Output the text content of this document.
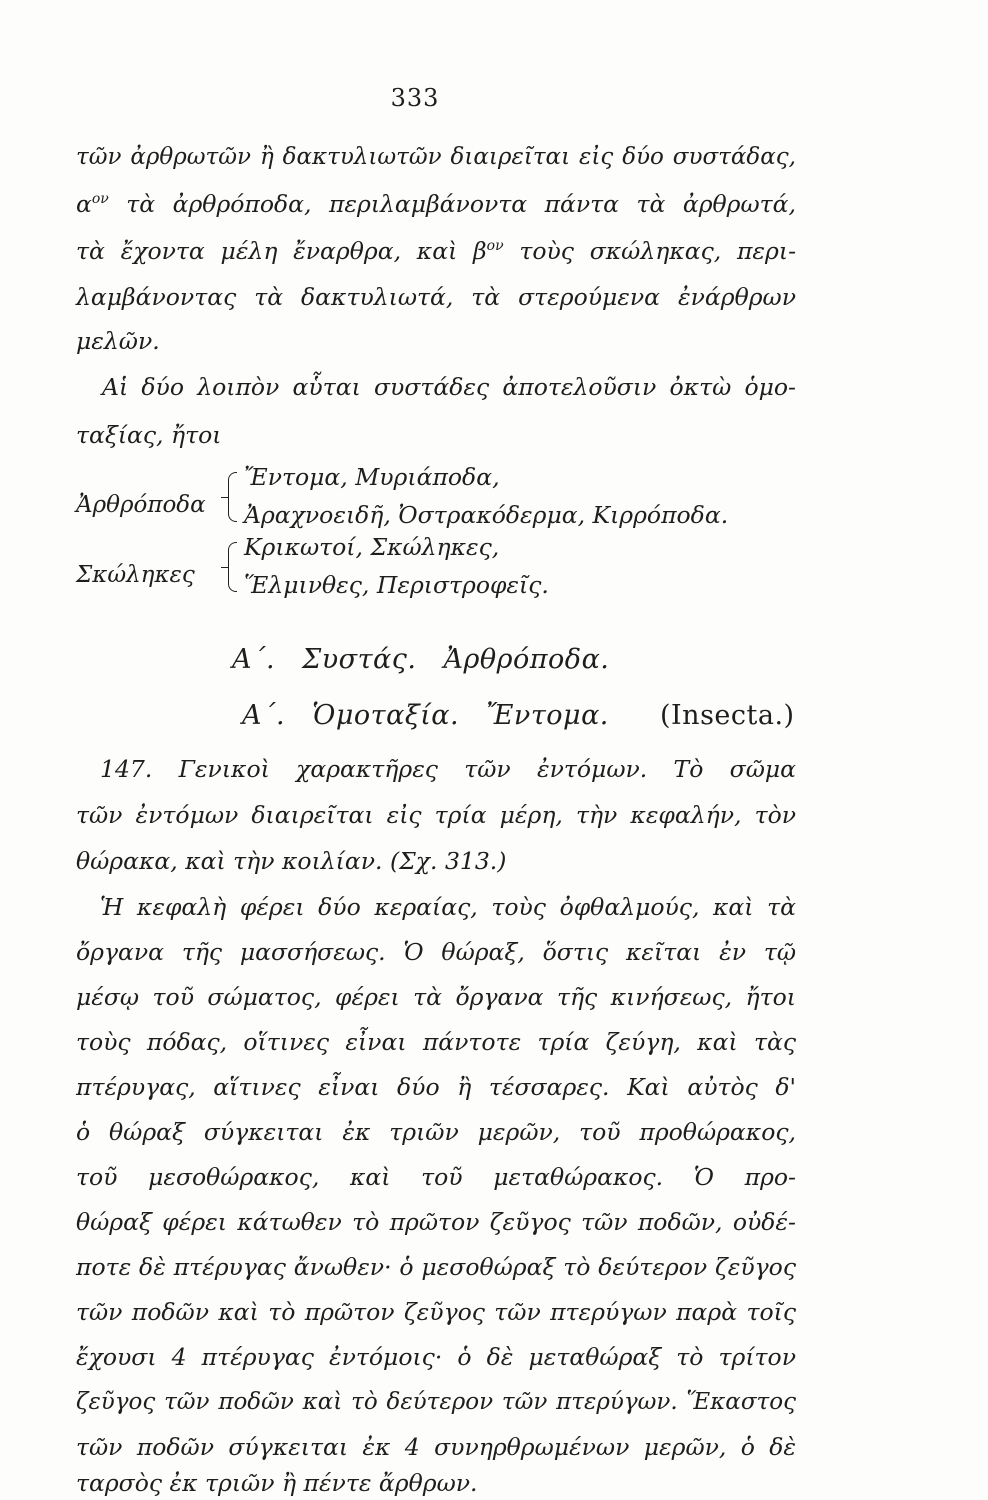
333
τῶν ἀρθρωτῶν ἢ δακτυλιωτῶν διαιρεῖται εἰς δύο συστάδας,
$\alpha^{o\nu}$ τὰ ἀρθρόποδα, περιλαμβάνοντα πάντα τὰ ἀρθρωτά,
τὰ ἔχοντα μέλη ἔναρθρα, καὶ $\beta^{o\nu}$ τοὺς σκώληκας, περι-
λαμβάνοντας τὰ δακτυλιωτά, τὰ στερούμενα ἐνάρθρων
μελῶν.
Αἱ δύο λοιπὸν αὗται συστάδες ἀποτελοῦσιν ὀκτὼ ὁμο-
ταξίας, ἤτοι
Ἀρθρόποδα
Ἔντομα, Μυριάποδα,
Ἀραχνοειδῆ, Ὀστρακόδερμα, Κιρρόποδα.
Σκώληκες
Κρικωτοί, Σκώληκες,
Ἕλμινθες, Περιστροφεῖς.
Α΄. Συστάς. Ἀρθρόποδα.
Α΄. Ὁμοταξία. Ἔντομα. (Insecta.)
147. Γενικοὶ χαρακτῆρες τῶν ἐντόμων. Τὸ σῶμα
τῶν ἐντόμων διαιρεῖται εἰς τρία μέρη, τὴν κεφαλήν, τὸν
θώρακα, καὶ τὴν κοιλίαν. (Σχ. 313.)
Ἡ κεφαλὴ φέρει δύο κεραίας, τοὺς ὀφθαλμούς, καὶ τὰ
ὄργανα τῆς μασσήσεως. Ὁ θώραξ, ὅστις κεῖται ἐν τῷ
μέσῳ τοῦ σώματος, φέρει τὰ ὄργανα τῆς κινήσεως, ἤτοι
τοὺς πόδας, οἵτινες εἶναι πάντοτε τρία ζεύγη, καὶ τὰς
πτέρυγας, αἵτινες εἶναι δύο ἢ τέσσαρες. Καὶ αὐτὸς δ'
ὁ θώραξ σύγκειται ἐκ τριῶν μερῶν, τοῦ προθώρακος,
τοῦ μεσοθώρακος, καὶ τοῦ μεταθώρακος. Ὁ προ-
θώραξ φέρει κάτωθεν τὸ πρῶτον ζεῦγος τῶν ποδῶν, οὐδέ-
ποτε δὲ πτέρυγας ἄνωθεν· ὁ μεσοθώραξ τὸ δεύτερον ζεῦγος
τῶν ποδῶν καὶ τὸ πρῶτον ζεῦγος τῶν πτερύγων παρὰ τοῖς
ἔχουσι 4 πτέρυγας ἐντόμοις· ὁ δὲ μεταθώραξ τὸ τρίτον
ζεῦγος τῶν ποδῶν καὶ τὸ δεύτερον τῶν πτερύγων. Ἕκαστος
τῶν ποδῶν σύγκειται ἐκ 4 συνηρθρωμένων μερῶν, ὁ δὲ
ταρσὸς ἐκ τριῶν ἢ πέντε ἄρθρων.
